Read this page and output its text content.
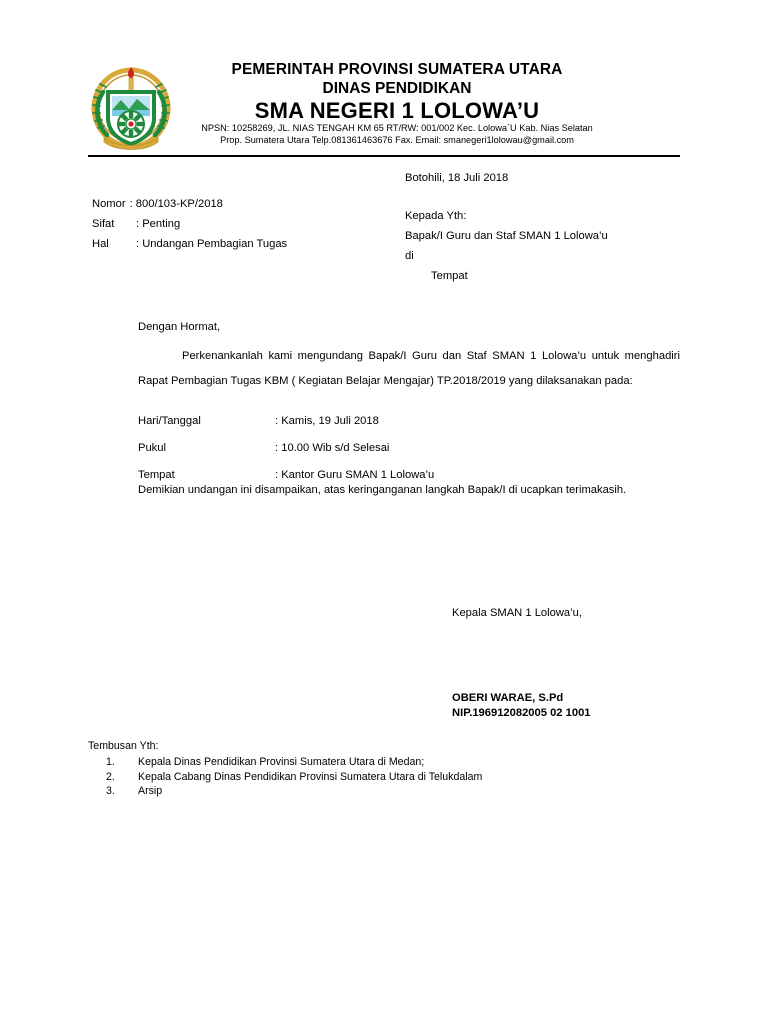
PEMERINTAH PROVINSI SUMATERA UTARA
DINAS PENDIDIKAN
SMA NEGERI 1 LOLOWA’U
NPSN: 10258269, JL. NIAS TENGAH KM 65 RT/RW: 001/002 Kec. Lolowa`U Kab. Nias Selatan
Prop. Sumatera Utara Telp.081361463676 Fax. Email: smanegeri1lolowau@gmail.com
Nomor : 800/103-KP/2018
Sifat : Penting
Hal : Undangan Pembagian Tugas
Botohili, 18 Juli 2018
Kepada Yth:
Bapak/I Guru dan Staf SMAN 1 Lolowa’u
di
Tempat
Dengan Hormat,
Perkenankanlah kami mengundang Bapak/I Guru dan Staf SMAN 1 Lolowa’u untuk menghadiri Rapat Pembagian Tugas KBM ( Kegiatan Belajar Mengajar) TP.2018/2019 yang dilaksanakan pada:
Hari/Tanggal	: Kamis, 19 Juli 2018
Pukul	: 10.00 Wib s/d Selesai
Tempat	: Kantor Guru SMAN 1 Lolowa’u
Demikian undangan ini disampaikan, atas keringanganan langkah Bapak/I di ucapkan terimakasih.
Kepala SMAN 1 Lolowa’u,
OBERI WARAE, S.Pd
NIP.196912082005 02 1001
Tembusan Yth:
1.	Kepala Dinas Pendidikan Provinsi Sumatera Utara di Medan;
2.	Kepala Cabang Dinas Pendidikan Provinsi Sumatera Utara di Telukdalam
3.	Arsip
